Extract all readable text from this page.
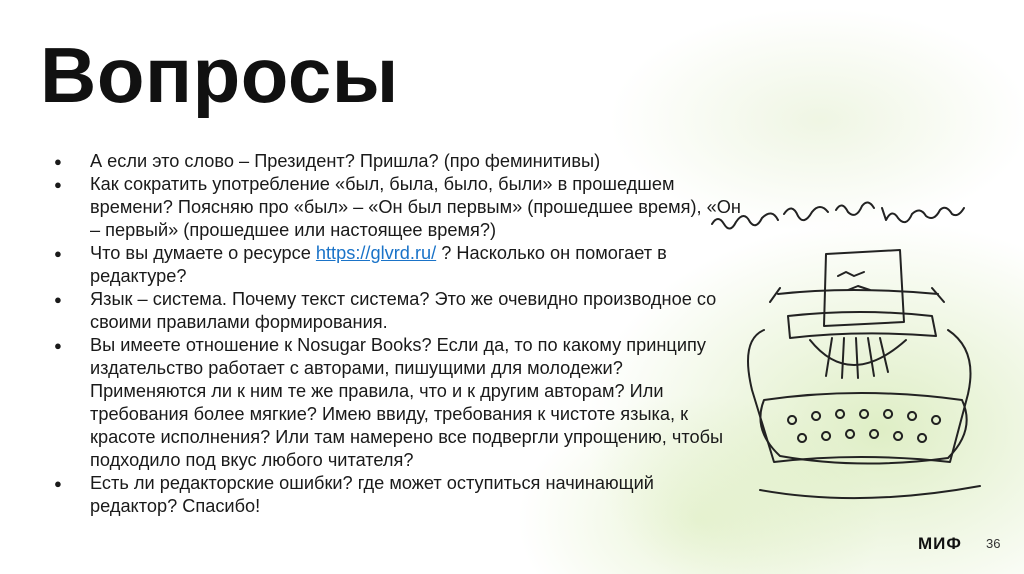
Вопросы
● А если это слово – Президент? Пришла? (про феминитивы)
● Как сократить употребление «был, была, было, были» в прошедшем времени? Поясняю про «был» – «Он был первым» (прошедшее время), «Он – первый» (прошедшее или настоящее время?)
● Что вы думаете о ресурсе https://glvrd.ru/ ? Насколько он помогает в редактуре?
● Язык – система. Почему текст система? Это же очевидно производное со своими правилами формирования.
● Вы имеете отношение к Nosugar Books? Если да, то по какому принципу издательство работает с авторами, пишущими для молодежи? Применяются ли к ним те же правила, что и к другим авторам? Или требования более мягкие? Имею ввиду, требования к чистоте языка, к красоте исполнения? Или там намерено все подвергли упрощению, чтобы подходило под вкус любого читателя?
● Есть ли редакторские ошибки? где может оступиться начинающий редактор? Спасибо!
МИФ 36
